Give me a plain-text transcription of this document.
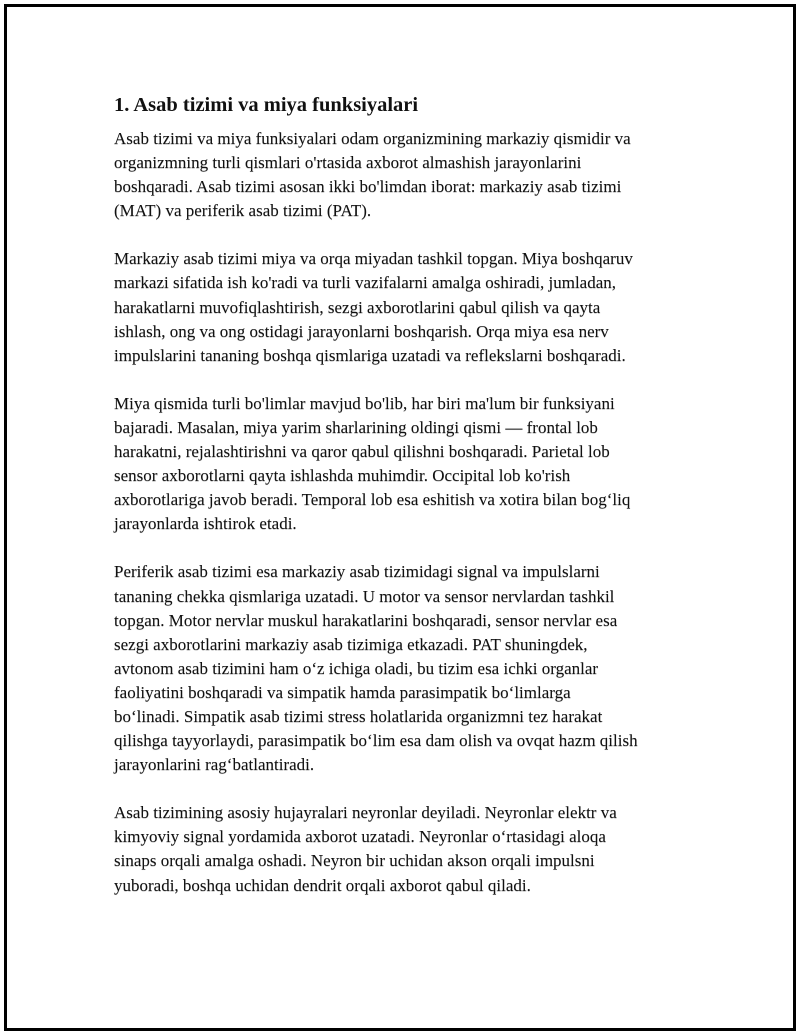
1. Asab tizimi va miya funksiyalari

Asab tizimi va miya funksiyalari odam organizmining markaziy qismidir va
organizmning turli qismlari o'rtasida axborot almashish jarayonlarini
boshqaradi. Asab tizimi asosan ikki bo'limdan iborat: markaziy asab tizimi
(MAT) va periferik asab tizimi (PAT).

Markaziy asab tizimi miya va orqa miyadan tashkil topgan. Miya boshqaruv
markazi sifatida ish ko'radi va turli vazifalarni amalga oshiradi, jumladan,
harakatlarni muvofiqlashtirish, sezgi axborotlarini qabul qilish va qayta
ishlash, ong va ong ostidagi jarayonlarni boshqarish. Orqa miya esa nerv
impulslarini tananing boshqa qismlariga uzatadi va reflekslarni boshqaradi.

Miya qismida turli bo'limlar mavjud bo'lib, har biri ma'lum bir funksiyani
bajaradi. Masalan, miya yarim sharlarining oldingi qismi — frontal lob
harakatni, rejalashtirishni va qaror qabul qilishni boshqaradi. Parietal lob
sensor axborotlarni qayta ishlashda muhimdir. Occipital lob ko'rish
axborotlariga javob beradi. Temporal lob esa eshitish va xotira bilan bog‘liq
jarayonlarda ishtirok etadi.

Periferik asab tizimi esa markaziy asab tizimidagi signal va impulslarni
tananing chekka qismlariga uzatadi. U motor va sensor nervlardan tashkil
topgan. Motor nervlar muskul harakatlarini boshqaradi, sensor nervlar esa
sezgi axborotlarini markaziy asab tizimiga etkazadi. PAT shuningdek,
avtonom asab tizimini ham o‘z ichiga oladi, bu tizim esa ichki organlar
faoliyatini boshqaradi va simpatik hamda parasimpatik bo‘limlarga
bo‘linadi. Simpatik asab tizimi stress holatlarida organizmni tez harakat
qilishga tayyorlaydi, parasimpatik bo‘lim esa dam olish va ovqat hazm qilish
jarayonlarini rag‘batlantiradi.

Asab tizimining asosiy hujayralari neyronlar deyiladi. Neyronlar elektr va
kimyoviy signal yordamida axborot uzatadi. Neyronlar o‘rtasidagi aloqa
sinaps orqali amalga oshadi. Neyron bir uchidan akson orqali impulsni
yuboradi, boshqa uchidan dendrit orqali axborot qabul qiladi.
